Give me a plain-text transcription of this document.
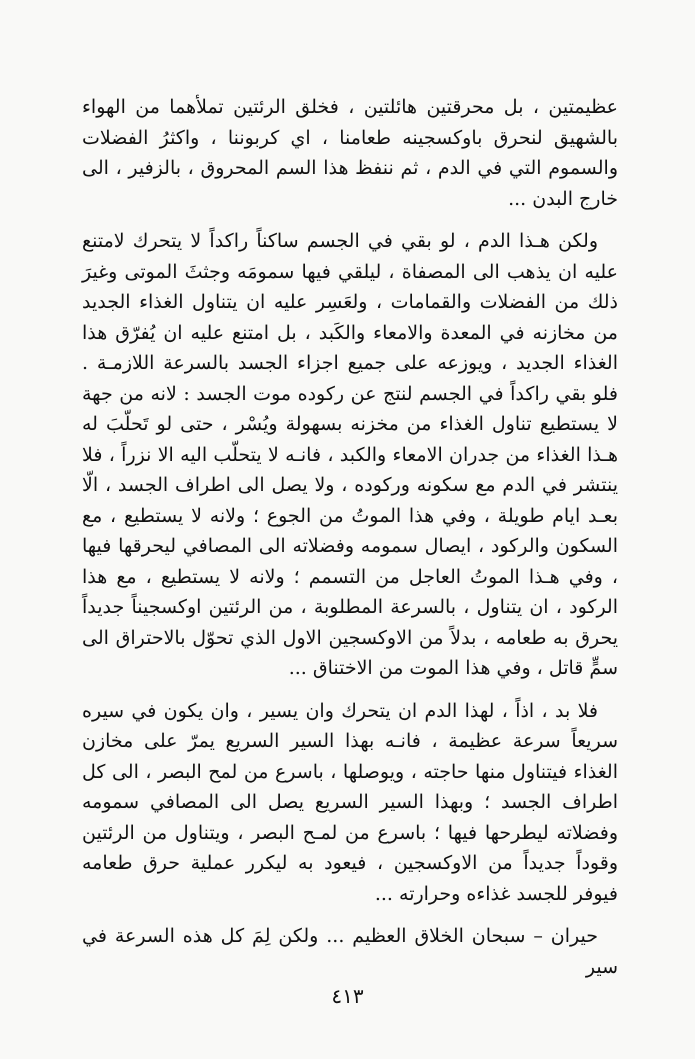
عظيمتين ، بل محرقتين هائلتين ، فخلق الرئتين تملأهما من الهواء بالشهيق لنحرق باوكسجينه طعامنا ، اي كربوننا ، واكثرُ الفضلات والسموم التي في الدم ، ثم ننفظ هذا السم المحروق ، بالزفير ، الى خارج البدن ...

ولكن هـذا الدم ، لو بقي في الجسم ساكناً راكداً لا يتحرك لامتنع عليه ان يذهب الى المصفاة ، ليلقي فيها سمومَه وجثثَ الموتى وغيرَ ذلك من الفضلات والقمامات ، ولعَسِر عليه ان يتناول الغذاء الجديد من مخازنه في المعدة والامعاء والكَبد ، بل امتنع عليه ان يُفرّق هذا الغذاء الجديد ، ويوزعه على جميع اجزاء الجسد بالسرعة اللازمـة . فلو بقي راكداً في الجسم لنتج عن ركوده موت الجسد : لانه من جهة لا يستطيع تناول الغذاء من مخزنه بسهولة ويُسْر ، حتى لو تَحلّبَ له هـذا الغذاء من جدران الامعاء والكبد ، فانـه لا يتحلّب اليه الا نزراً ، فلا ينتشر في الدم مع سكونه وركوده ، ولا يصل الى اطراف الجسد ، الّا بعـد ايام طويلة ، وفي هذا الموتُ من الجوع ؛ ولانه لا يستطيع ، مع السكون والركود ، ايصال سمومه وفضلاته الى المصافي ليحرقها فيها ، وفي هـذا الموتُ العاجل من التسمم ؛ ولانه لا يستطيع ، مع هذا الركود ، ان يتناول ، بالسرعة المطلوبة ، من الرئتين اوكسجيناً جديداً يحرق به طعامه ، بدلاً من الاوكسجين الاول الذي تحوّل بالاحتراق الى سمٍّ قاتل ، وفي هذا الموت من الاختناق ...

فلا بد ، اذاً ، لهذا الدم ان يتحرك وان يسير ، وان يكون في سيره سريعاً سرعة عظيمة ، فانـه بهذا السير السريع يمرّ على مخازن الغذاء فيتناول منها حاجته ، ويوصلها ، باسرع من لمح البصر ، الى كل اطراف الجسد ؛ وبهذا السير السريع يصل الى المصافي سمومه وفضلاته ليطرحها فيها ؛ باسرع من لمـح البصر ، ويتناول من الرئتين وقوداً جديداً من الاوكسجين ، فيعود به ليكرر عملية حرق طعامه فيوفر للجسد غذاءه وحرارته ...

حيران – سبحان الخلاق العظيم ... ولكن لِمَ كل هذه السرعة في سير

٤١٣
